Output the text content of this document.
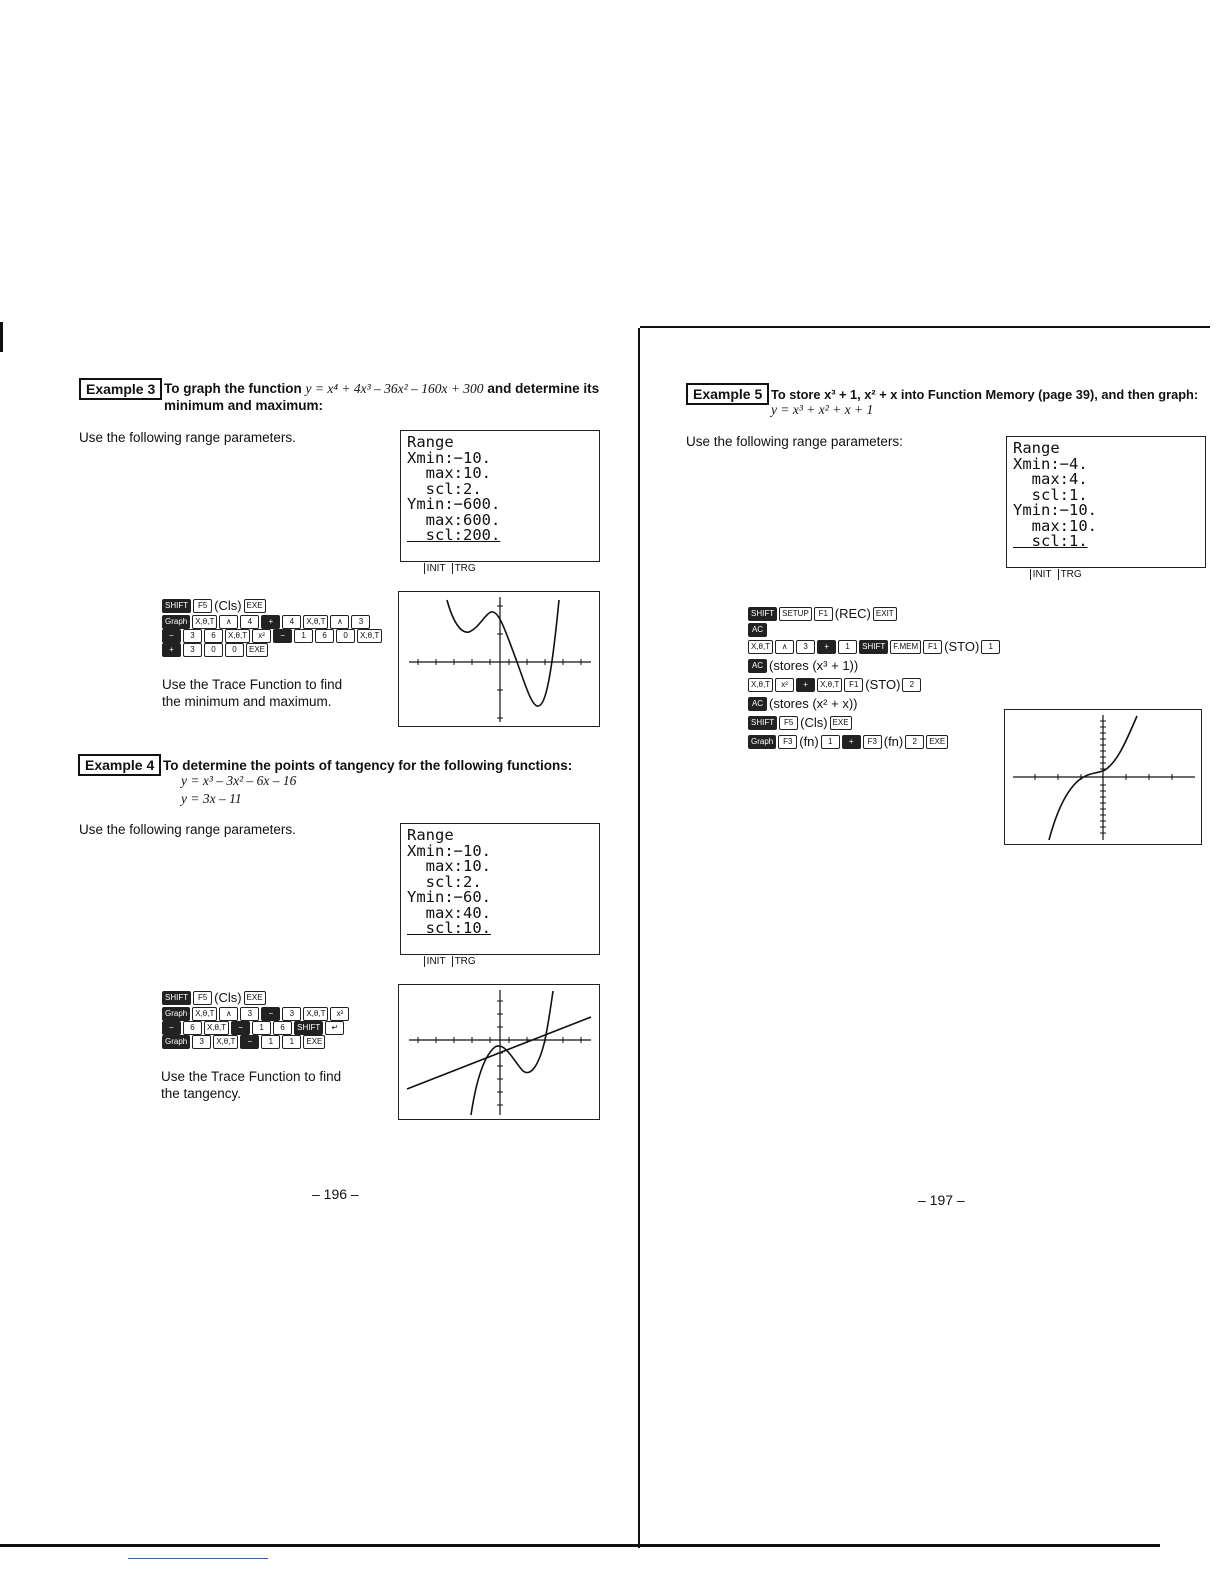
Example 3 To graph the function y = x⁴ + 4x³ – 36x² – 160x + 300 and determine its
minimum and maximum:
Use the following range parameters.	Range
Xmin:−10.
max:10.
scl:2.
Ymin:−600.
max:600.
scl:200.

INIT TRG

SHIFT	F5 (Cls) EXE
Graph	X,θ,T	∧	4	+	4	X,θ,T	∧	3
−	3	6	X,θ,T	x²	−	1	6	0	X,θ,T
+	3	0	0	EXE
Use the Trace Function to find the minimum and maximum.
Example 4 To determine the points of tangency for the following functions:
y = x³ – 3x² – 6x – 16
y = 3x – 11
Use the following range parameters.	Range
Xmin:−10.
max:10.
scl:2.
Ymin:−60.
max:40.
scl:10.

INIT TRG

SHIFT	F5 (Cls) EXE
Graph	X,θ,T	∧	3	−	3	X,θ,T	x²
−	6	X,θ,T	−	1	6	SHIFT	↵
Graph	3	X,θ,T	−	1	1	EXE
Use the Trace Function to find the tangency.
– 196 –
Example 5 To store x³ + 1, x² + x into Function Memory (page 39), and then graph:
y = x³ + x² + x + 1
Use the following range parameters:	Range
Xmin:−4.
max:4.
scl:1.
Ymin:−10.
max:10.
scl:1.

INIT TRG

SHIFT	SETUP	F1 (REC) EXIT
AC
X,θ,T	∧	3	+	1	SHIFT	F.MEM	F1 (STO)	1
AC (stores (x³ + 1))
X,θ,T	x²	+	X,θ,T	F1 (STO)	2
AC (stores (x² + x))
SHIFT	F5 (Cls) EXE
Graph	F3 (fn)	1	+	F3 (fn)	2	EXE
– 197 –
